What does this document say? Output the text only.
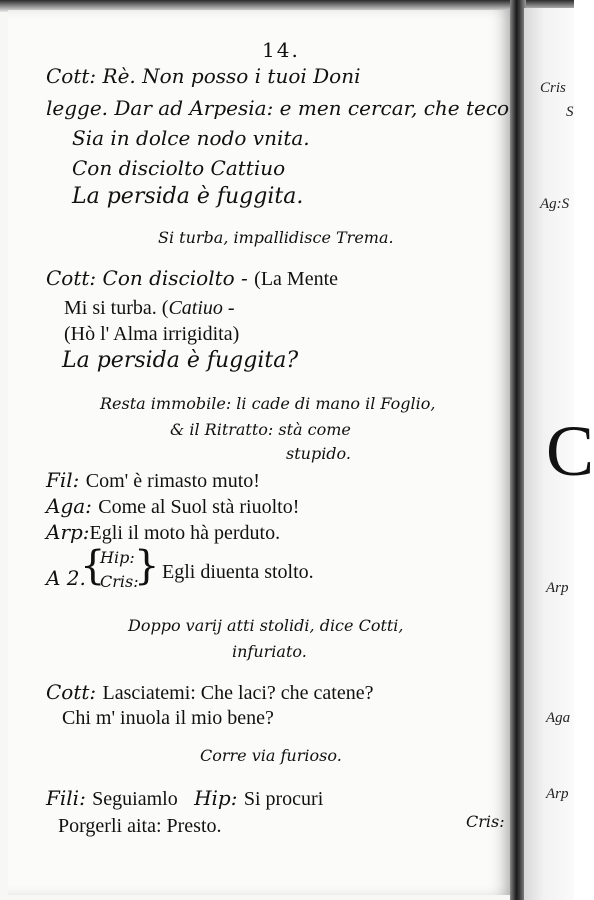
14.
Cott: Rè. Non posso i tuoi Doni
legge. Dar ad Arpesia: e men cercar, che teco
Sia in dolce nodo vnita.
Con disciolto Cattiuo
La persida è fuggita.
Si turba, impallidisce Trema.
Cott: Con disciolto - (La Mente
Mi si turba. (Catiuo -
(Hò l' Alma irrigidita)
La persida è fuggita?
Resta immobile: li cade di mano il Foglio,
& il Ritratto: stà come
stupido.
Fil: Com' è rimasto muto!
Aga: Come al Suol stà riuolto!
Arp:Egli il moto hà perduto.
A 2.
{
Hip:
Cris:
} Egli diuenta stolto.
Doppo varij atti stolidi, dice Cotti,
infuriato.
Cott: Lasciatemi: Che laci? che catene?
Chi m' inuola il mio bene?
Corre via furioso.
Fili: Seguiamlo Hip: Si procuri
Porgerli aita: Presto.	Cris:
Cris
S
Ag:S
C
Arp
Aga
Arp
